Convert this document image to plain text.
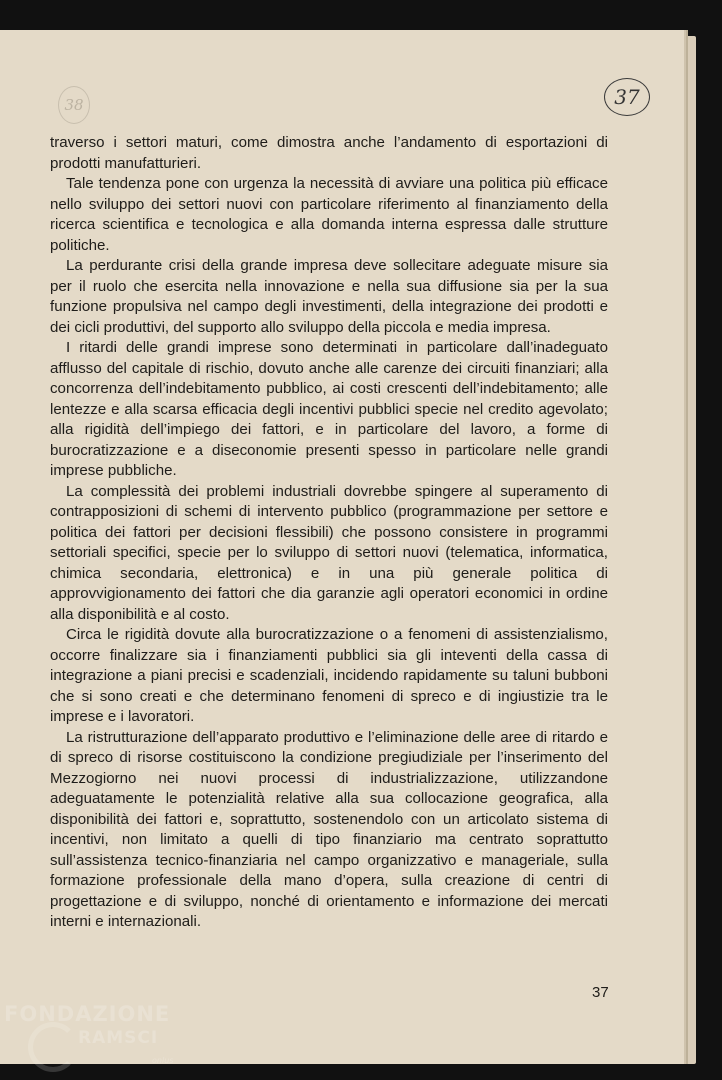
38	37

traverso i settori maturi, come dimostra anche l’andamento di esportazioni di prodotti manufatturieri.

Tale tendenza pone con urgenza la necessità di avviare una politica più efficace nello sviluppo dei settori nuovi con particolare riferimento al finanziamento della ricerca scientifica e tecnologica e alla domanda interna espressa dalle strutture politiche.

La perdurante crisi della grande impresa deve sollecitare adeguate misure sia per il ruolo che esercita nella innovazione e nella sua diffusione sia per la sua funzione propulsiva nel campo degli investimenti, della integrazione dei prodotti e dei cicli produttivi, del supporto allo sviluppo della piccola e media impresa.

I ritardi delle grandi imprese sono determinati in particolare dall’inadeguato afflusso del capitale di rischio, dovuto anche alle carenze dei circuiti finanziari; alla concorrenza dell’indebitamento pubblico, ai costi crescenti dell’indebitamento; alle lentezze e alla scarsa efficacia degli incentivi pubblici specie nel credito agevolato; alla rigidità dell’impiego dei fattori, e in particolare del lavoro, a forme di burocratizzazione e a diseconomie presenti spesso in particolare nelle grandi imprese pubbliche.

La complessità dei problemi industriali dovrebbe spingere al superamento di contrapposizioni di schemi di intervento pubblico (programmazione per settore e politica dei fattori per decisioni flessibili) che possono consistere in programmi settoriali specifici, specie per lo sviluppo di settori nuovi (telematica, informatica, chimica secondaria, elettronica) e in una più generale politica di approvvigionamento dei fattori che dia garanzie agli operatori economici in ordine alla disponibilità e al costo.

Circa le rigidità dovute alla burocratizzazione o a fenomeni di assistenzialismo, occorre finalizzare sia i finanziamenti pubblici sia gli inteventi della cassa di integrazione a piani precisi e scadenziali, incidendo rapidamente su taluni bubboni che si sono creati e che determinano fenomeni di spreco e di ingiustizie tra le imprese e i lavoratori.

La ristrutturazione dell’apparato produttivo e l’eliminazione delle aree di ritardo e di spreco di risorse costituiscono la condizione pregiudiziale per l’inserimento del Mezzogiorno nei nuovi processi di industrializzazione, utilizzandone adeguatamente le potenzialità relative alla sua collocazione geografica, alla disponibilità dei fattori e, soprattutto, sostenendolo con un articolato sistema di incentivi, non limitato a quelli di tipo finanziario ma centrato soprattutto sull’assistenza tecnico-finanziaria nel campo organizzativo e manageriale, sulla formazione professionale della mano d’opera, sulla creazione di centri di progettazione e di sviluppo, nonché di orientamento e informazione dei mercati interni e internazionali.

37
FONDAZIONE
RAMSCI
onlus
